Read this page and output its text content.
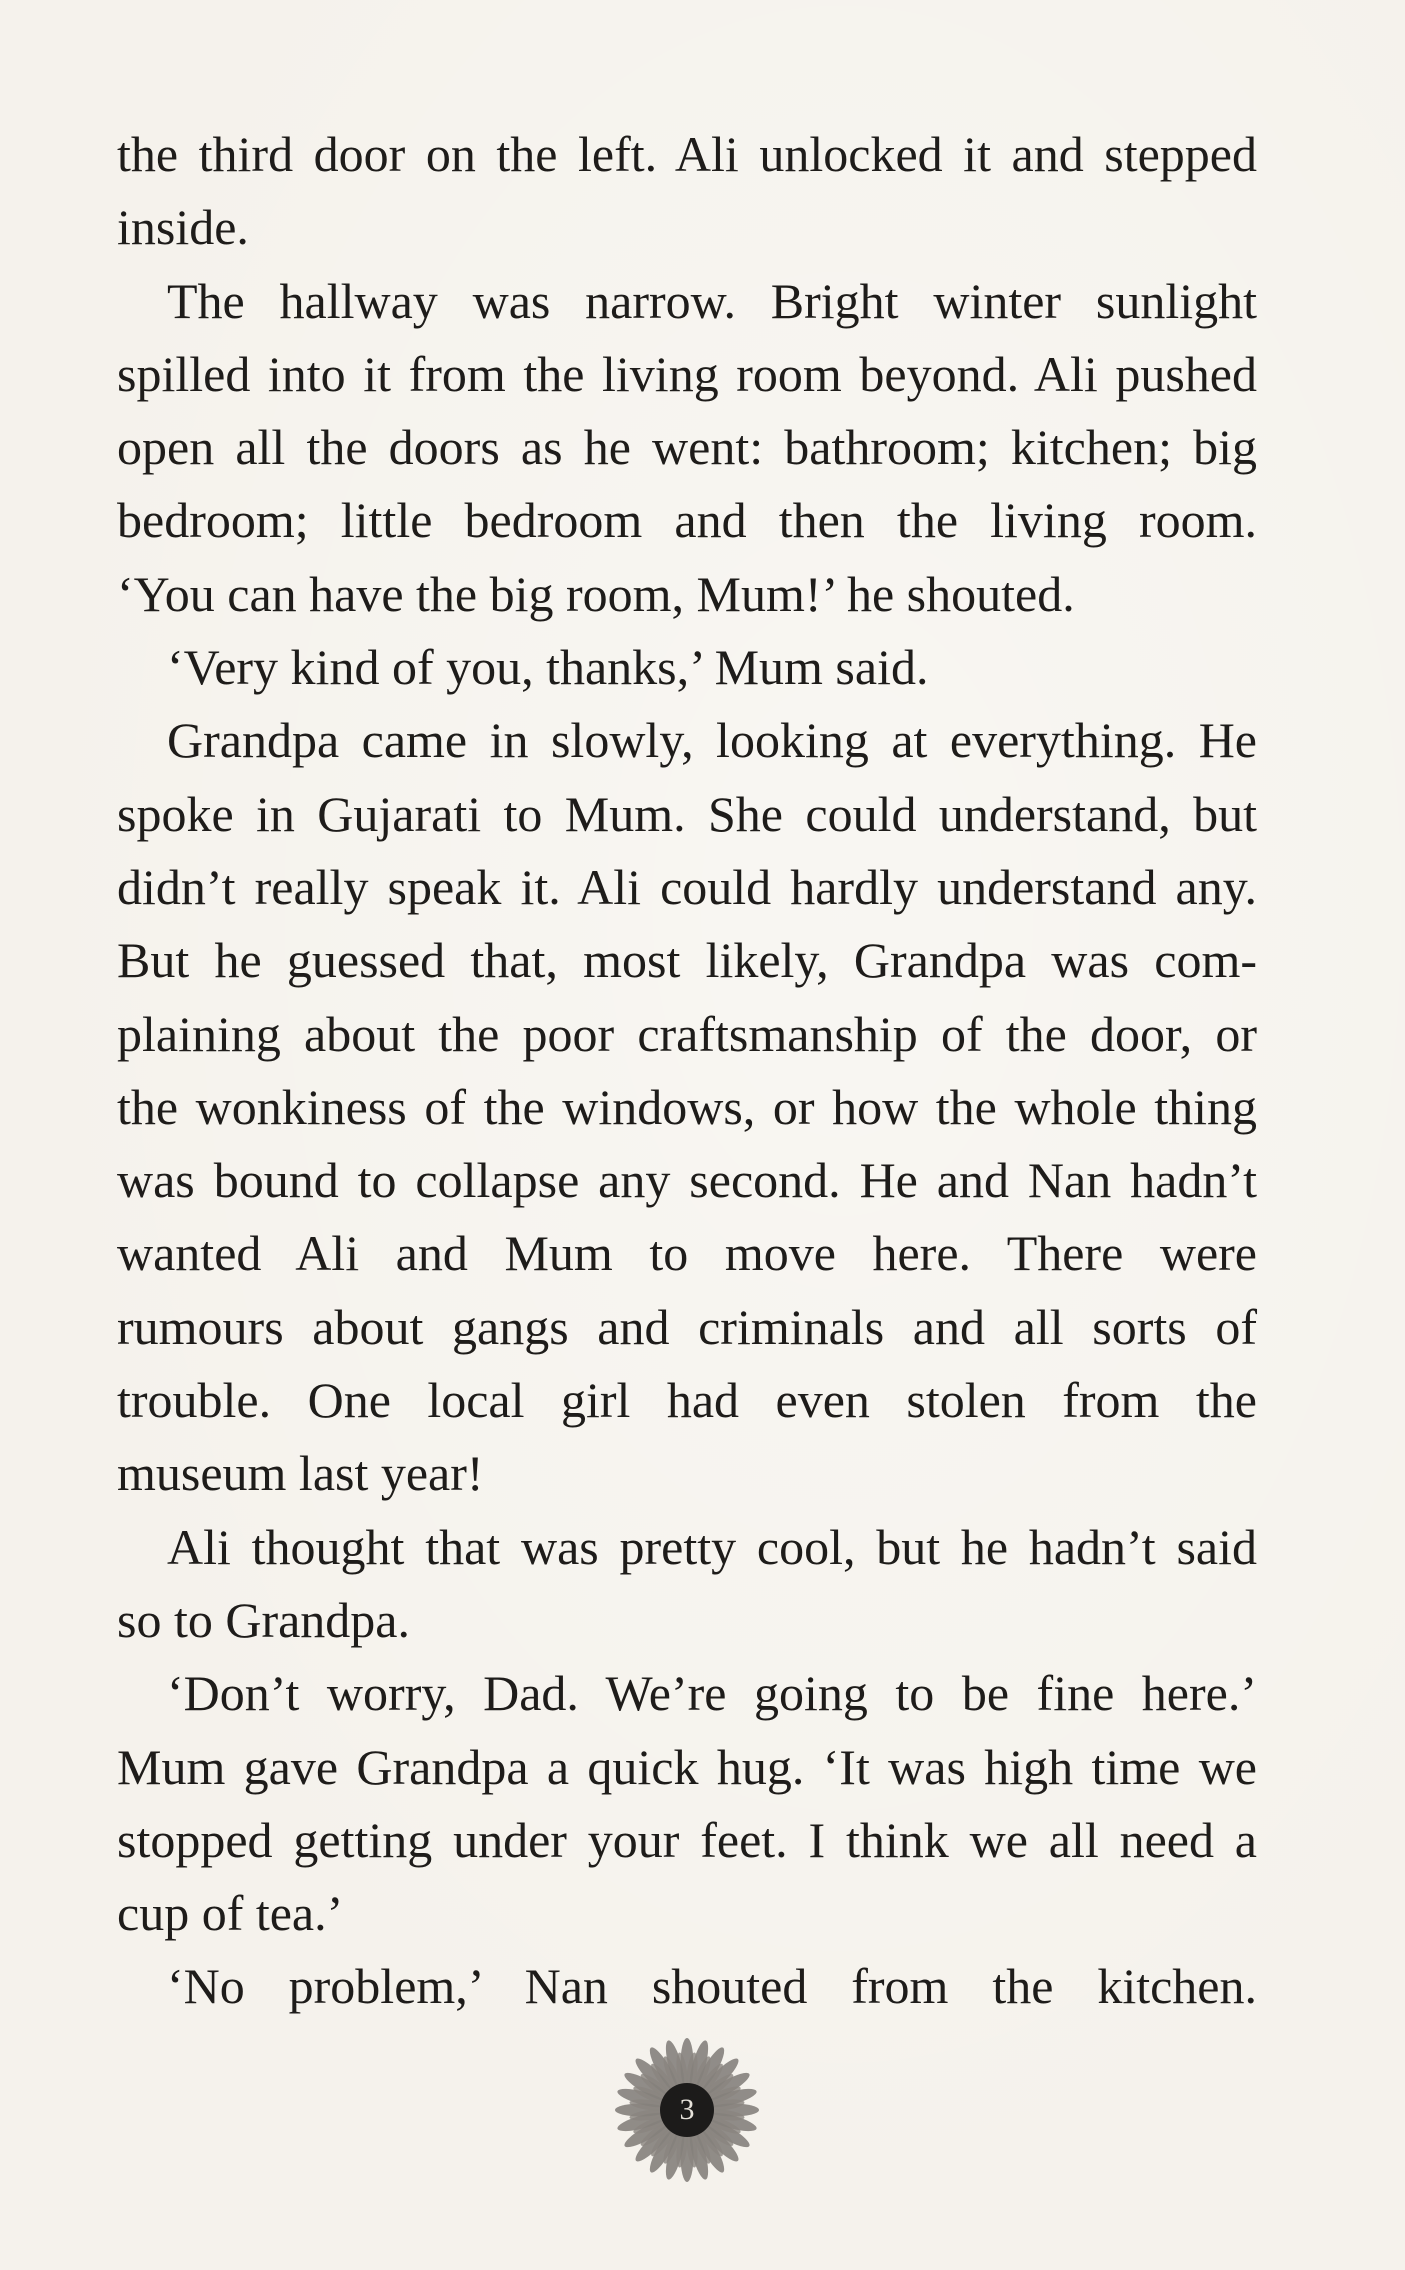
the third door on the left. Ali unlocked it and stepped
inside.
The hallway was narrow. Bright winter sunlight
spilled into it from the living room beyond. Ali pushed
open all the doors as he went: bathroom; kitchen; big
bedroom; little bedroom and then the living room.
‘You can have the big room, Mum!’ he shouted.
‘Very kind of you, thanks,’ Mum said.
Grandpa came in slowly, looking at everything. He
spoke in Gujarati to Mum. She could understand, but
didn’t really speak it. Ali could hardly understand any.
But he guessed that, most likely, Grandpa was com-
plaining about the poor craftsmanship of the door, or
the wonkiness of the windows, or how the whole thing
was bound to collapse any second. He and Nan hadn’t
wanted Ali and Mum to move here. There were
rumours about gangs and criminals and all sorts of
trouble. One local girl had even stolen from the
museum last year!
Ali thought that was pretty cool, but he hadn’t said
so to Grandpa.
‘Don’t worry, Dad. We’re going to be fine here.’
Mum gave Grandpa a quick hug. ‘It was high time we
stopped getting under your feet. I think we all need a
cup of tea.’
‘No problem,’ Nan shouted from the kitchen.
3
